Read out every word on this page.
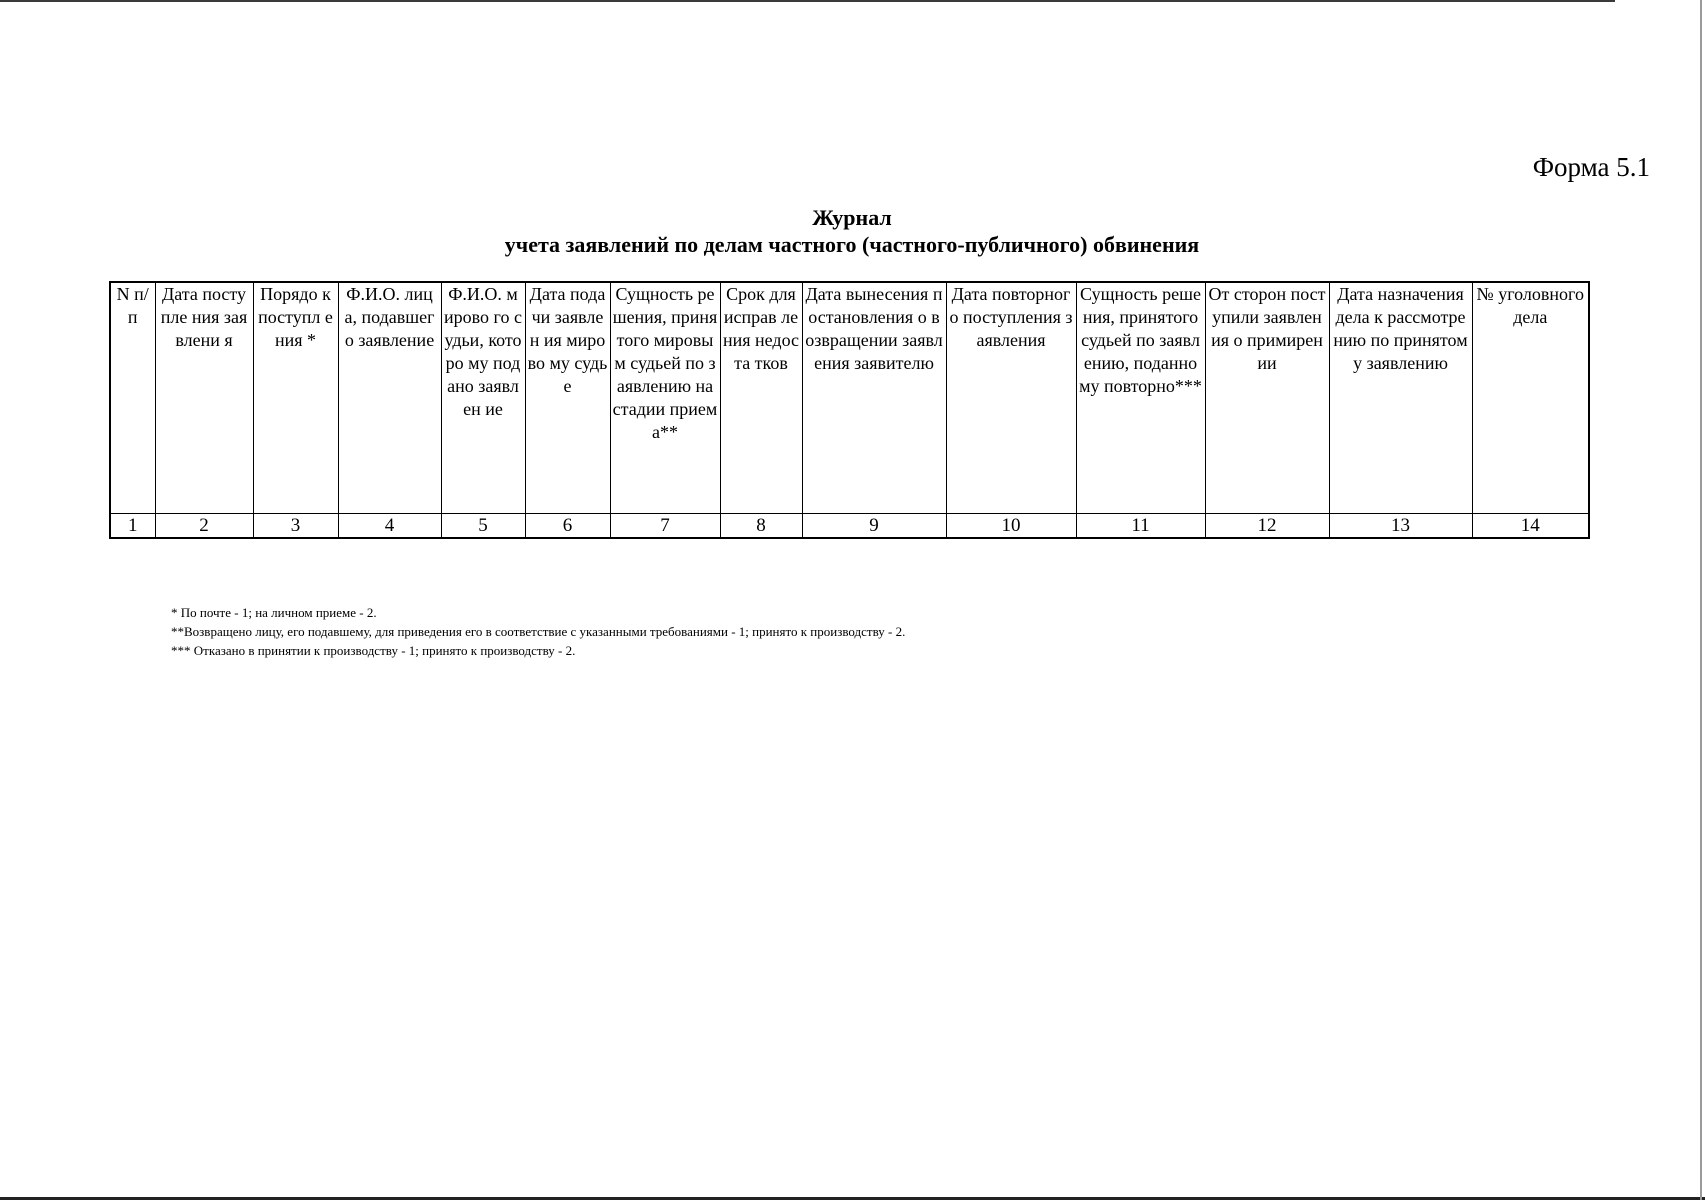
Форма 5.1
Журнал
учета заявлений по делам частного (частного-публичного) обвинения
N п/п	Дата поступле ния заявлени я	Порядо к поступл ения *	Ф.И.О. лица, подавшег о заявление	Ф.И.О. мирово го судьи, которо му подано заявлен ие	Дата подачи заявлен ия мирово му судье	Сущность решения, принятого мировым судьей по заявлению на стадии приема**	Срок для исправ ления недоста тков	Дата вынесения постановления о возвращении заявления заявителю	Дата повторного поступления заявления	Сущность решения, принятого судьей по заявлению, поданному повторно***	От сторон поступили заявления о примирении	Дата назначения дела к рассмотрению по принятому заявлению	№ уголовного дела
1	2	3	4	5	6	7	8	9	10	11	12	13	14
* По почте - 1; на личном приеме - 2.
**Возвращено лицу, его подавшему, для приведения его в соответствие с указанными требованиями - 1; принято к производству - 2.
*** Отказано в принятии к производству - 1; принято к производству - 2.
